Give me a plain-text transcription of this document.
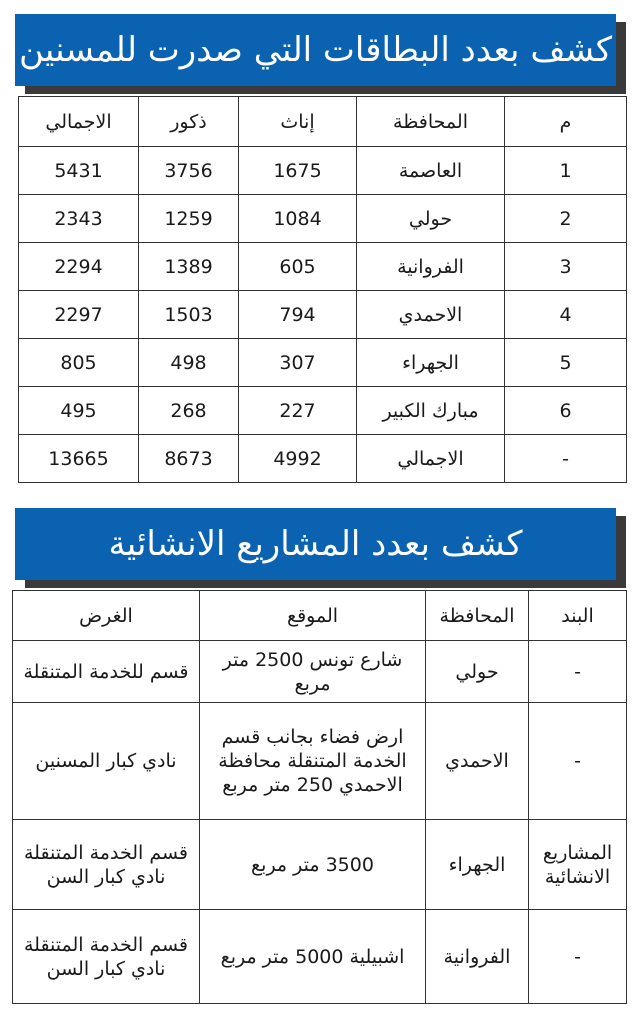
كشف بعدد البطاقات التي صدرت للمسنين
م	المحافظة	إناث	ذكور	الاجمالي
1	العاصمة	1675	3756	5431
2	حولي	1084	1259	2343
3	الفروانية	605	1389	2294
4	الاحمدي	794	1503	2297
5	الجهراء	307	498	805
6	مبارك الكبير	227	268	495
-	الاجمالي	4992	8673	13665
كشف بعدد المشاريع الانشائية
البند	المحافظة	الموقع	الغرض
-	حولي	شارع تونس 2500 متر مربع	قسم للخدمة المتنقلة
-	الاحمدي	ارض فضاء بجانب قسم الخدمة المتنقلة محافظة الاحمدي 250 متر مربع	نادي كبار المسنين
المشاريع الانشائية	الجهراء	3500 متر مربع	قسم الخدمة المتنقلة نادي كبار السن
-	الفروانية	اشبيلية 5000 متر مربع	قسم الخدمة المتنقلة نادي كبار السن
